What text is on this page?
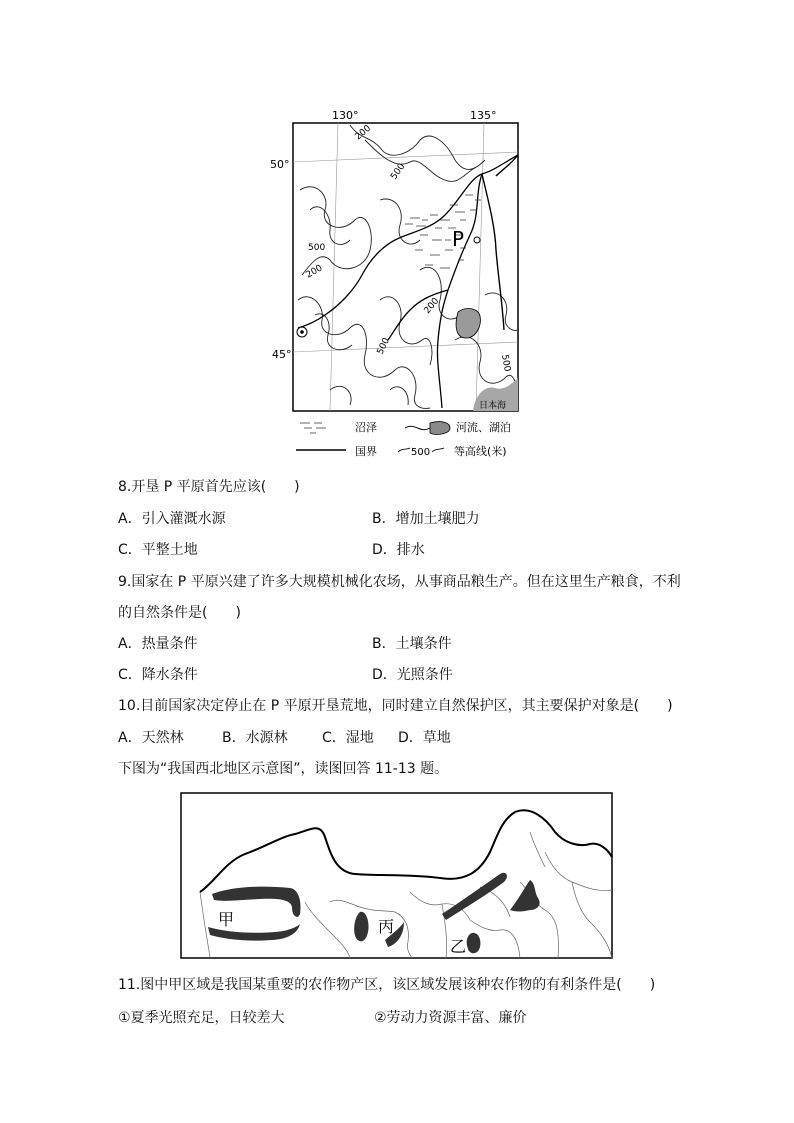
130°	135°
50°
45°
日本海
P
200
500
500
200
200
500
500
沼泽	河流、湖泊
国界	500 等高线(米)
8.开垦 P 平原首先应该(　　)
A．引入灌溉水源	B．增加土壤肥力
C．平整土地	D．排水
9.国家在 P 平原兴建了许多大规模机械化农场，从事商品粮生产。但在这里生产粮食，不利
的自然条件是(　　)
A．热量条件	B．土壤条件
C．降水条件	D．光照条件
10.目前国家决定停止在 P 平原开垦荒地，同时建立自然保护区，其主要保护对象是(　　)
A．天然林	B．水源林 C．湿地 D．草地
下图为“我国西北地区示意图”，读图回答 11-13 题。
甲	丙
乙
11.图中甲区域是我国某重要的农作物产区，该区域发展该种农作物的有利条件是(　　)
①夏季光照充足，日较差大	②劳动力资源丰富、廉价
